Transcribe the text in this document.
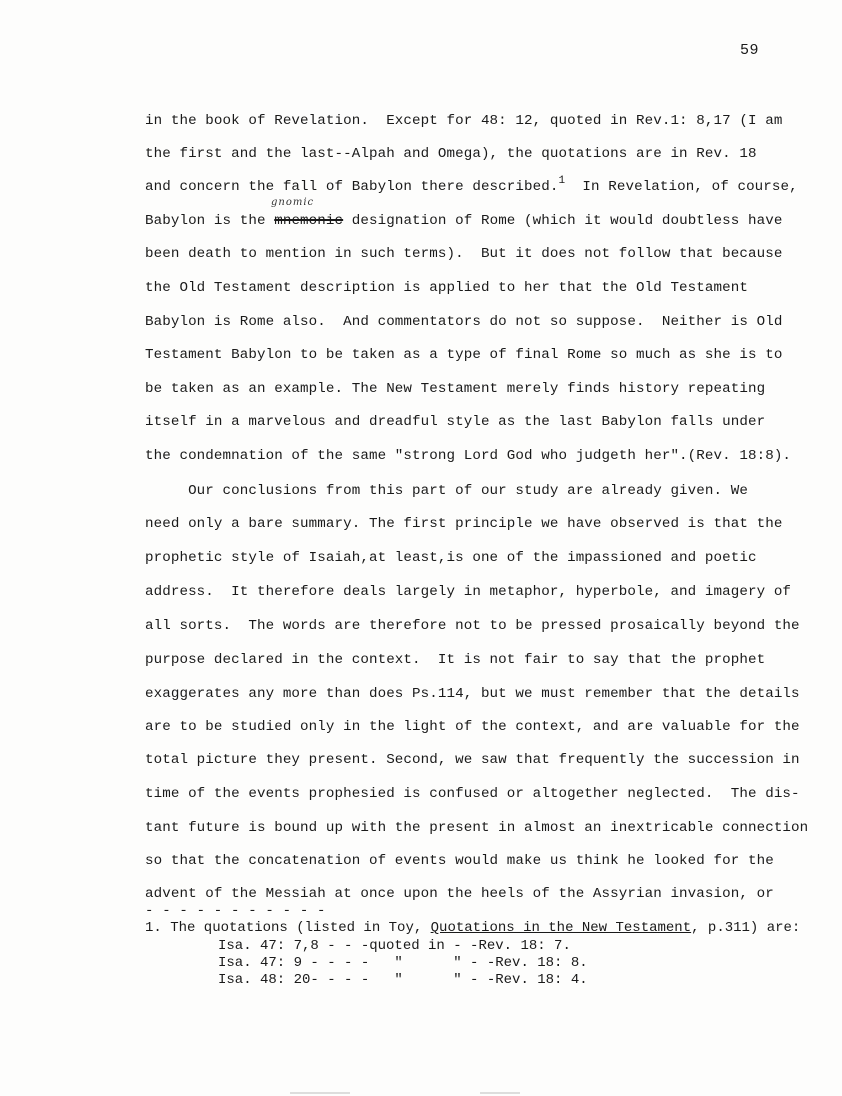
59
gnomic
in the book of Revelation.  Except for 48: 12, quoted in Rev.1: 8,17 (I am
the first and the last--Alpah and Omega), the quotations are in Rev. 18
and concern the fall of Babylon there described.$^1$  In Revelation, of course,
Babylon is the mnemonic designation of Rome (which it would doubtless have
been death to mention in such terms).  But it does not follow that because
the Old Testament description is applied to her that the Old Testament
Babylon is Rome also.  And commentators do not so suppose.  Neither is Old
Testament Babylon to be taken as a type of final Rome so much as she is to
be taken as an example. The New Testament merely finds history repeating
itself in a marvelous and dreadful style as the last Babylon falls under
the condemnation of the same "strong Lord God who judgeth her".(Rev. 18:8).
Our conclusions from this part of our study are already given. We
need only a bare summary. The first principle we have observed is that the
prophetic style of Isaiah,at least,is one of the impassioned and poetic
address.  It therefore deals largely in metaphor, hyperbole, and imagery of
all sorts.  The words are therefore not to be pressed prosaically beyond the
purpose declared in the context.  It is not fair to say that the prophet
exaggerates any more than does Ps.114, but we must remember that the details
are to be studied only in the light of the context, and are valuable for the
total picture they present. Second, we saw that frequently the succession in
time of the events prophesied is confused or altogether neglected.  The dis-
tant future is bound up with the present in almost an inextricable connection
so that the concatenation of events would make us think he looked for the
advent of the Messiah at once upon the heels of the Assyrian invasion, or
- - - - - - - - - - -
1. The quotations (listed in Toy, Quotations in the New Testament, p.311) are:
Isa. 47: 7,8 - - -quoted in - -Rev. 18: 7.
Isa. 47: 9 - - - -   "      " - -Rev. 18: 8.
Isa. 48: 20- - - -   "      " - -Rev. 18: 4.
